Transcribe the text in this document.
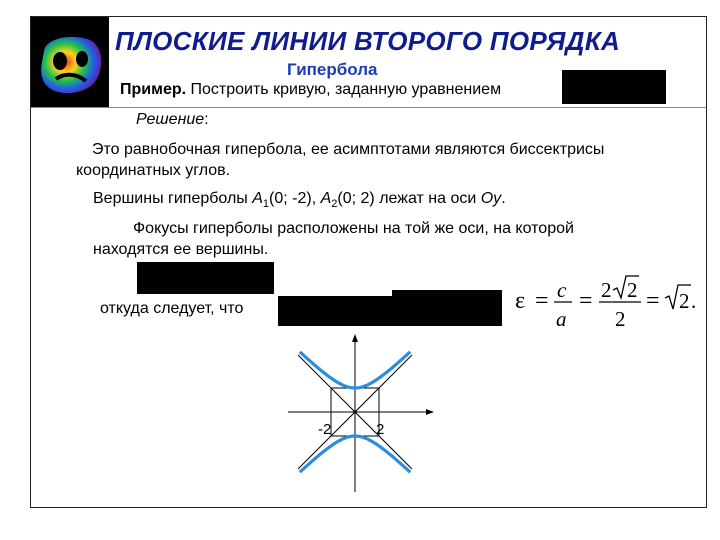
ПЛОСКИЕ ЛИНИИ ВТОРОГО ПОРЯДКА
Гипербола
Пример. Построить кривую, заданную уравнением
Решение:
Это равнобочная гипербола, ее асимптотами являются биссектрисы координатных углов.
Вершины гиперболы $A_1(0$; -2), $A_2(0$; 2) лежат на оси Oy.
Фокусы гиперболы расположены на той же оси, на которой находятся ее вершины.
откуда следует, что	ε = c
a
= 2 2
2
= 2 .
-2	2
